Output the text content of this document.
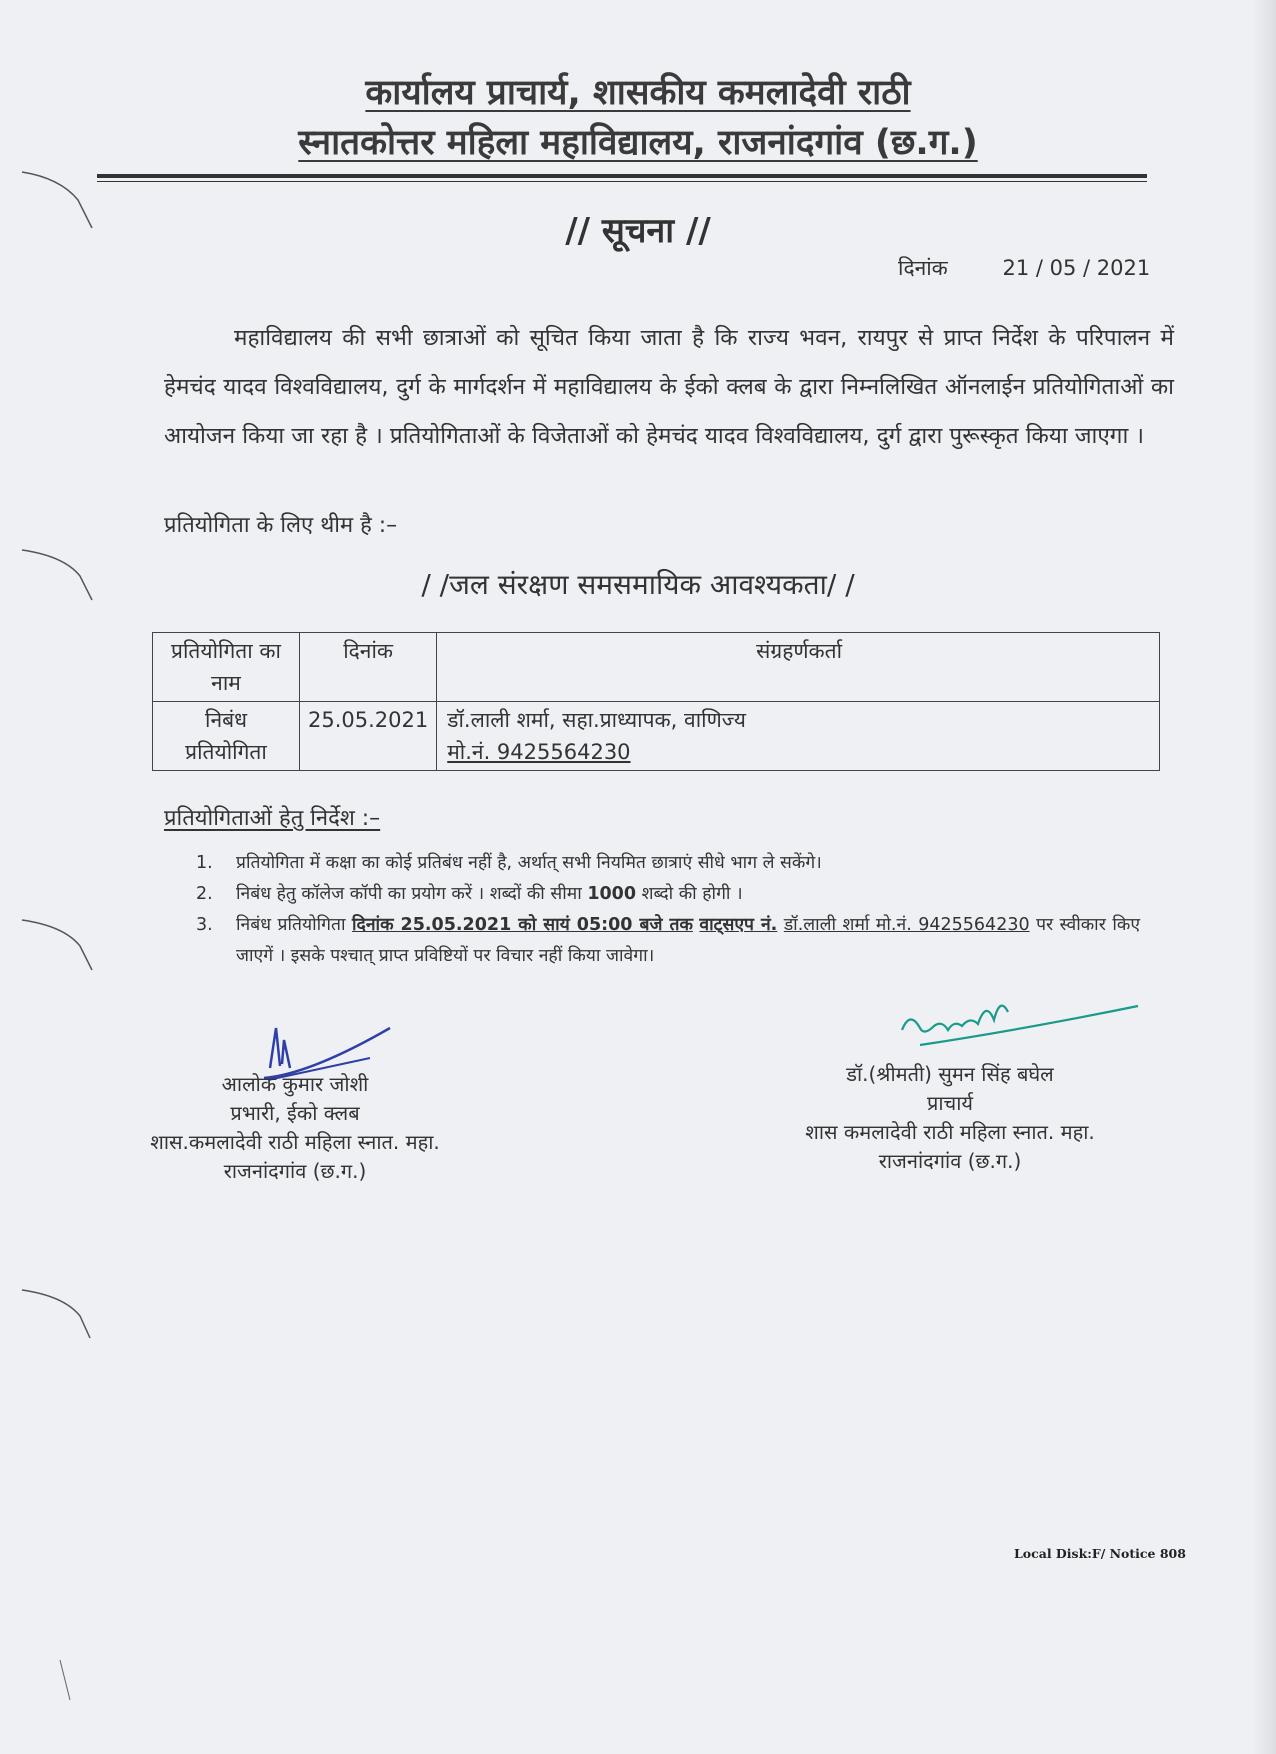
कार्यालय प्राचार्य, शासकीय कमलादेवी राठी
स्नातकोत्तर महिला महाविद्यालय, राजनांदगांव (छ.ग.)
// सूचना //
दिनांक	21 / 05 / 2021

महाविद्यालय की सभी छात्राओं को सूचित किया जाता है कि राज्य भवन, रायपुर से प्राप्त निर्देश के परिपालन में हेमचंद यादव विश्वविद्यालय, दुर्ग के मार्गदर्शन में महाविद्यालय के ईको क्लब के द्वारा निम्नलिखित ऑनलाईन प्रतियोगिताओं का आयोजन किया जा रहा है । प्रतियोगिताओं के विजेताओं को हेमचंद यादव विश्वविद्यालय, दुर्ग द्वारा पुरूस्कृत किया जाएगा ।

प्रतियोगिता के लिए थीम है :–
/ /जल संरक्षण समसमायिक आवश्यकता/ /
प्रतियोगिता का नाम	दिनांक	संग्रहर्णकर्ता
निबंध प्रतियोगिता	25.05.2021	डॉ.लाली शर्मा, सहा.प्राध्यापक, वाणिज्य
मो.नं. 9425564230
प्रतियोगिताओं हेतु निर्देश :–
1. प्रतियोगिता में कक्षा का कोई प्रतिबंध नहीं है, अर्थात् सभी नियमित छात्राएं सीधे भाग ले सकेंगे।
2. निबंध हेतु कॉलेज कॉपी का प्रयोग करें । शब्दों की सीमा 1000 शब्दो की होगी ।
3. निबंध प्रतियोगिता दिनांक 25.05.2021 को सायं 05:00 बजे तक वाट्सएप नं. डॉ.लाली शर्मा मो.नं. 9425564230 पर स्वीकार किए जाएगें । इसके पश्चात् प्राप्त प्रविष्टियों पर विचार नहीं किया जावेगा।
आलोक कुमार जोशी
प्रभारी, ईको क्लब
शास.कमलादेवी राठी महिला स्नात. महा.
राजनांदगांव (छ.ग.)
डॉ.(श्रीमती) सुमन सिंह बघेल
प्राचार्य
शास कमलादेवी राठी महिला स्नात. महा.
राजनांदगांव (छ.ग.)
Local Disk:F/ Notice 808
